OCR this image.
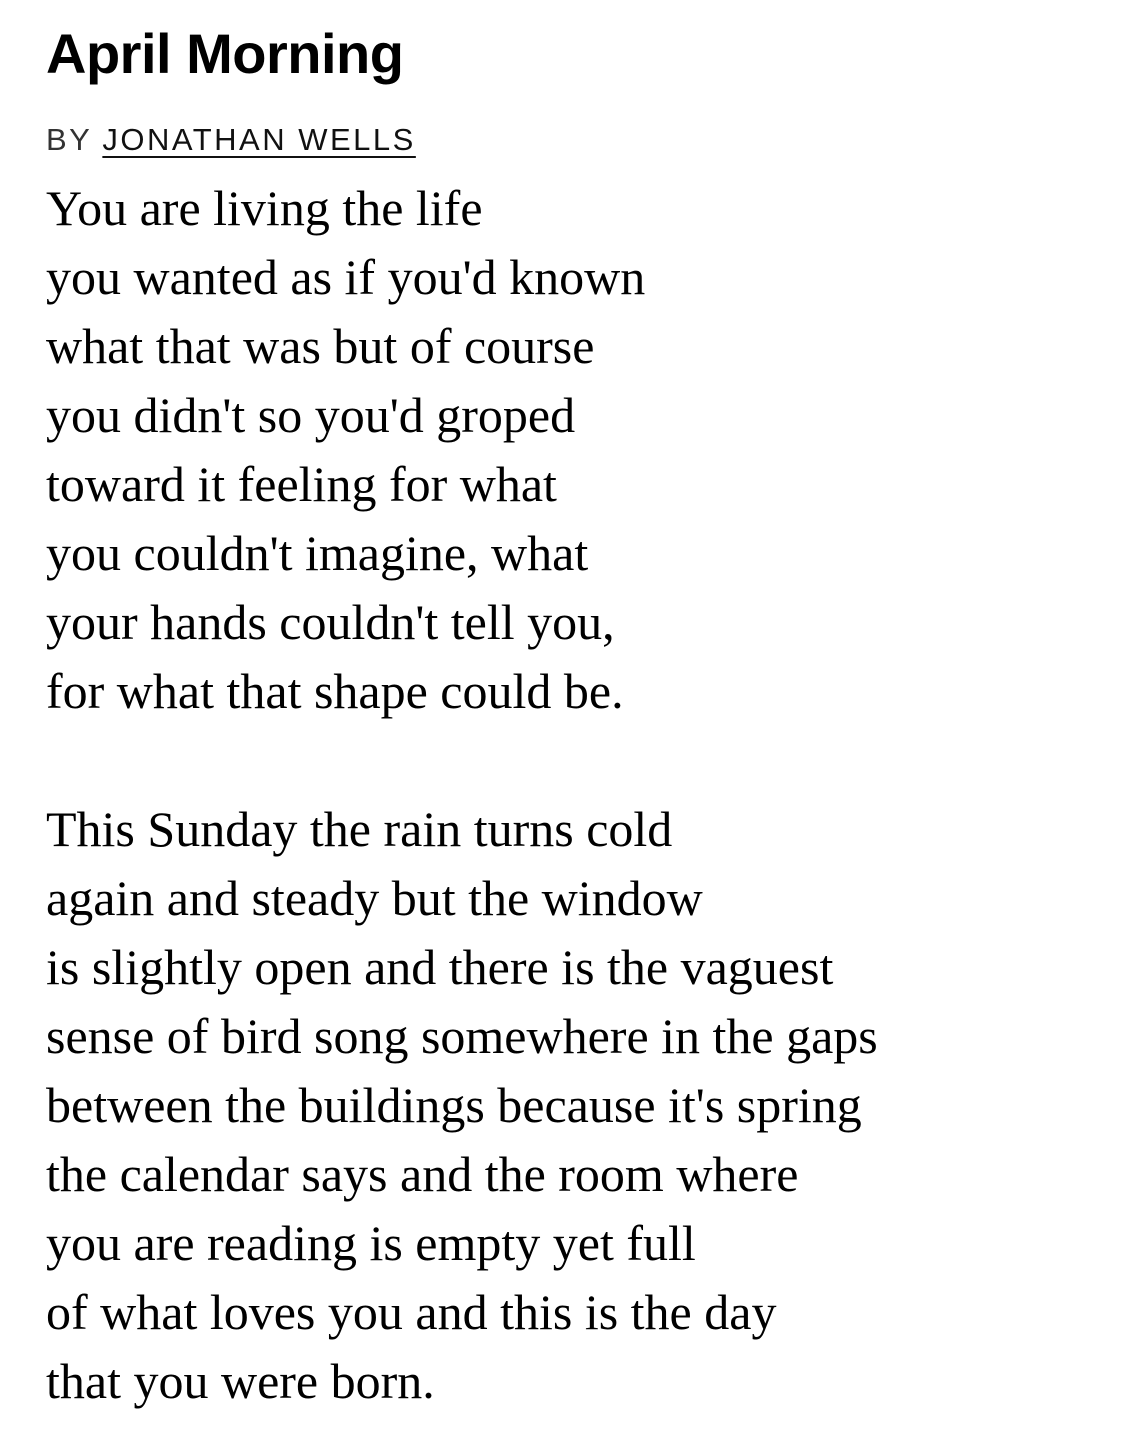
April Morning
BY JONATHAN WELLS

You are living the life
you wanted as if you'd known
what that was but of course
you didn't so you'd groped
toward it feeling for what
you couldn't imagine, what
your hands couldn't tell you,
for what that shape could be.

This Sunday the rain turns cold
again and steady but the window
is slightly open and there is the vaguest
sense of bird song somewhere in the gaps
between the buildings because it's spring
the calendar says and the room where
you are reading is empty yet full
of what loves you and this is the day
that you were born.
